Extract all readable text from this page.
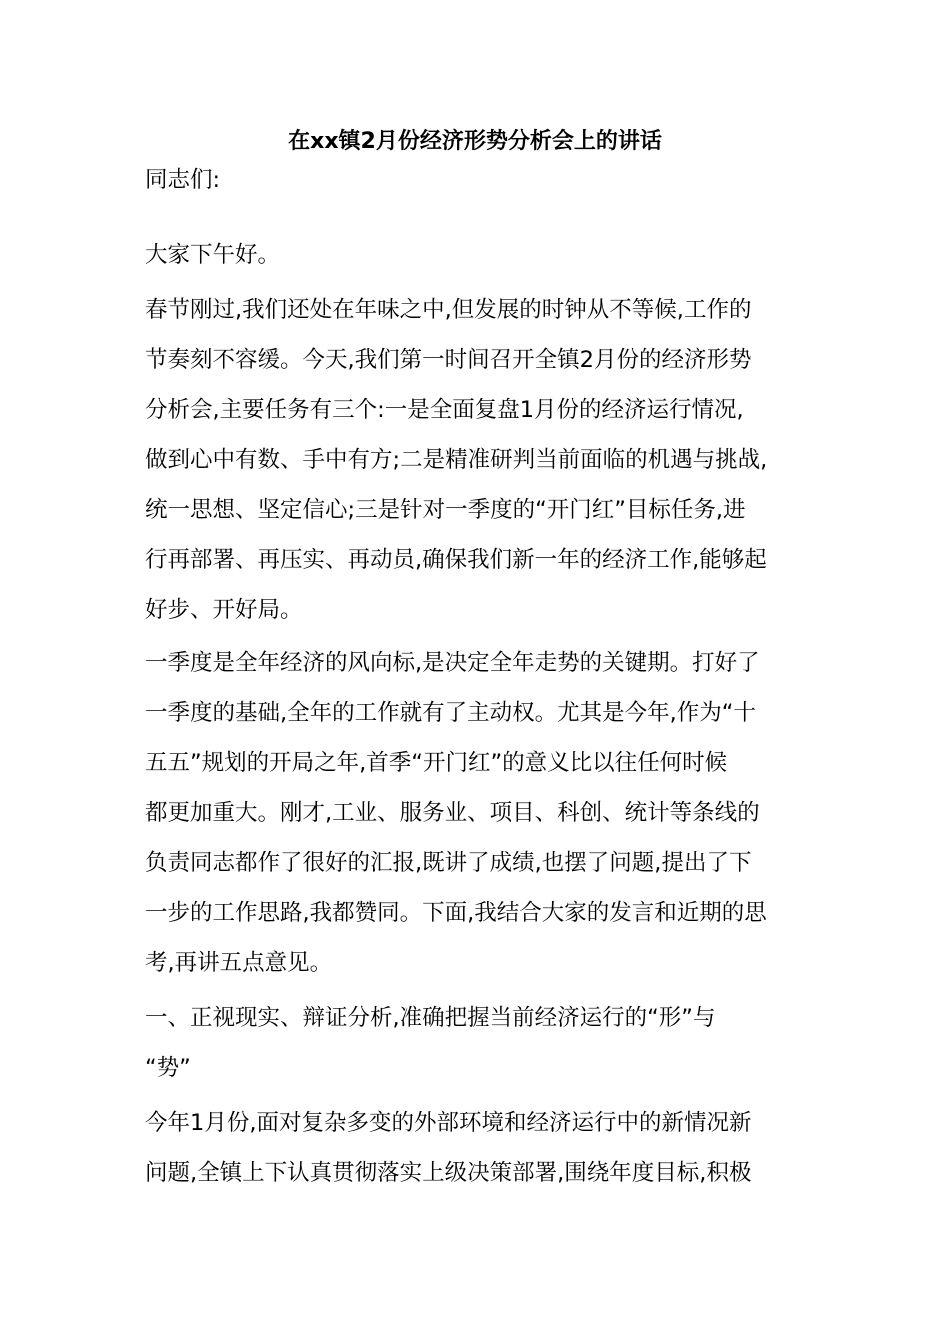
在xx镇2月份经济形势分析会上的讲话

同志们:

大家下午好。

春节刚过,我们还处在年味之中,但发展的时钟从不等候,工作的
节奏刻不容缓。今天,我们第一时间召开全镇2月份的经济形势
分析会,主要任务有三个:一是全面复盘1月份的经济运行情况,
做到心中有数、手中有方;二是精准研判当前面临的机遇与挑战,
统一思想、坚定信心;三是针对一季度的“开门红”目标任务,进
行再部署、再压实、再动员,确保我们新一年的经济工作,能够起
好步、开好局。

一季度是全年经济的风向标,是决定全年走势的关键期。打好了
一季度的基础,全年的工作就有了主动权。尤其是今年,作为“十
五五”规划的开局之年,首季“开门红”的意义比以往任何时候
都更加重大。刚才,工业、服务业、项目、科创、统计等条线的
负责同志都作了很好的汇报,既讲了成绩,也摆了问题,提出了下
一步的工作思路,我都赞同。下面,我结合大家的发言和近期的思
考,再讲五点意见。

一、正视现实、辩证分析,准确把握当前经济运行的“形”与
“势”

今年1月份,面对复杂多变的外部环境和经济运行中的新情况新
问题,全镇上下认真贯彻落实上级决策部署,围绕年度目标,积极
